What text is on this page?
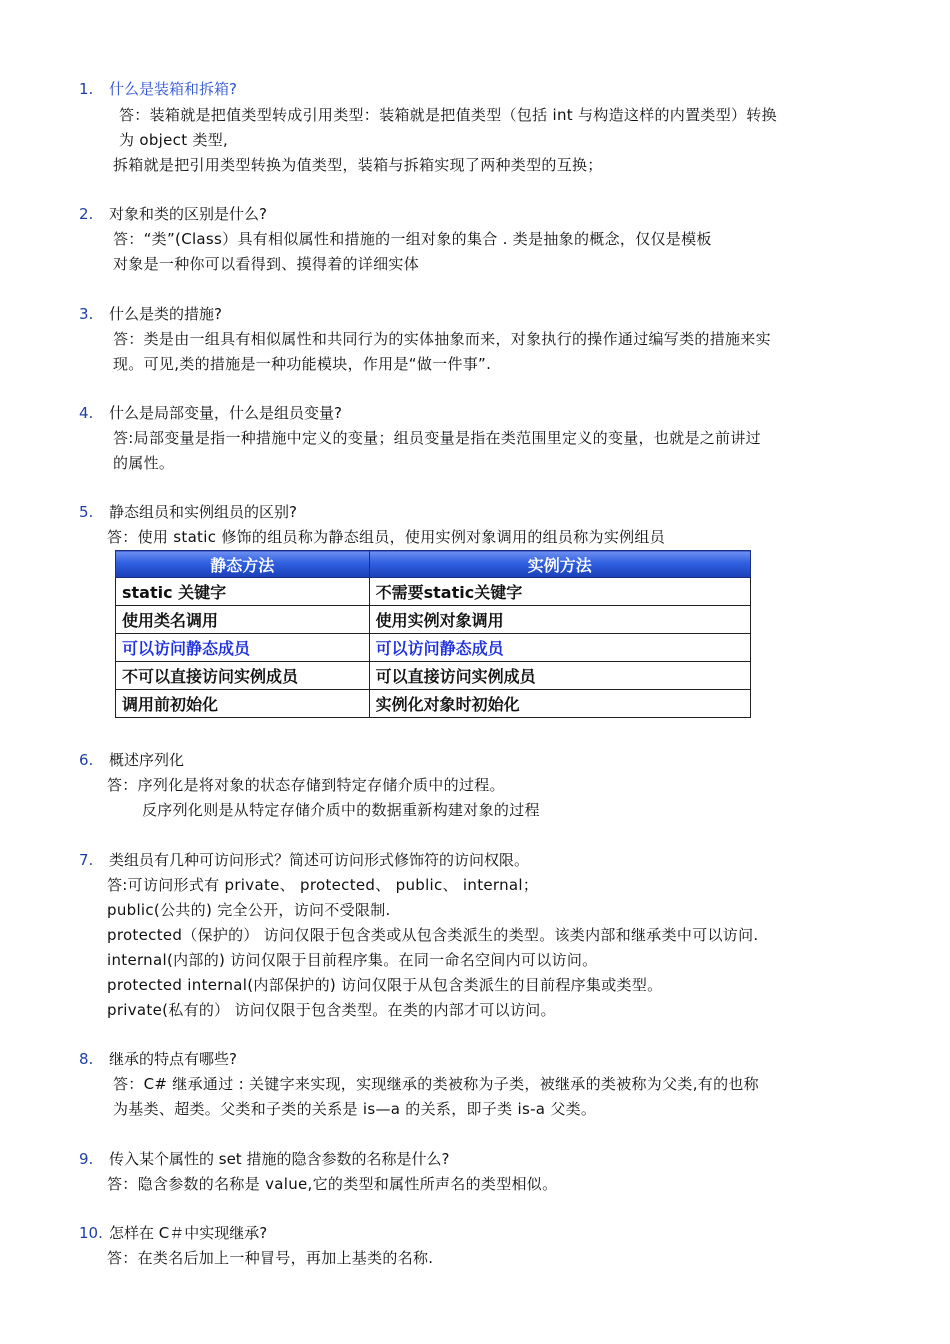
1. 什么是装箱和拆箱?
答：装箱就是把值类型转成引用类型：装箱就是把值类型（包括 int 与构造这样的内置类型）转换
为 object 类型,
拆箱就是把引用类型转换为值类型，装箱与拆箱实现了两种类型的互换；
2. 对象和类的区别是什么?
答：“类”(Class）具有相似属性和措施的一组对象的集合 . 类是抽象的概念，仅仅是模板
对象是一种你可以看得到、摸得着的详细实体
3. 什么是类的措施?
答：类是由一组具有相似属性和共同行为的实体抽象而来，对象执行的操作通过编写类的措施来实
现。可见,类的措施是一种功能模块，作用是“做一件事”.
4. 什么是局部变量，什么是组员变量?
答:局部变量是指一种措施中定义的变量；组员变量是指在类范围里定义的变量，也就是之前讲过
的属性。
5. 静态组员和实例组员的区别?
答：使用 static 修饰的组员称为静态组员，使用实例对象调用的组员称为实例组员
静态方法	实例方法
static 关键字	不需要static关键字
使用类名调用	使用实例对象调用
可以访问静态成员	可以访问静态成员
不可以直接访问实例成员	可以直接访问实例成员
调用前初始化	实例化对象时初始化
6. 概述序列化
答：序列化是将对象的状态存储到特定存储介质中的过程。
反序列化则是从特定存储介质中的数据重新构建对象的过程
7. 类组员有几种可访问形式？简述可访问形式修饰符的访问权限。
答:可访问形式有 private、 protected、 public、 internal；
public(公共的) 完全公开，访问不受限制.
protected（保护的） 访问仅限于包含类或从包含类派生的类型。该类内部和继承类中可以访问.
internal(内部的) 访问仅限于目前程序集。在同一命名空间内可以访问。
protected internal(内部保护的) 访问仅限于从包含类派生的目前程序集或类型。
private(私有的） 访问仅限于包含类型。在类的内部才可以访问。
8. 继承的特点有哪些?
答：C# 继承通过 : 关键字来实现，实现继承的类被称为子类，被继承的类被称为父类,有的也称
为基类、超类。父类和子类的关系是 is—a 的关系，即子类 is-a 父类。
9. 传入某个属性的 set 措施的隐含参数的名称是什么?
答：隐含参数的名称是 value,它的类型和属性所声名的类型相似。
10. 怎样在 C＃中实现继承?
答：在类名后加上一种冒号，再加上基类的名称.
